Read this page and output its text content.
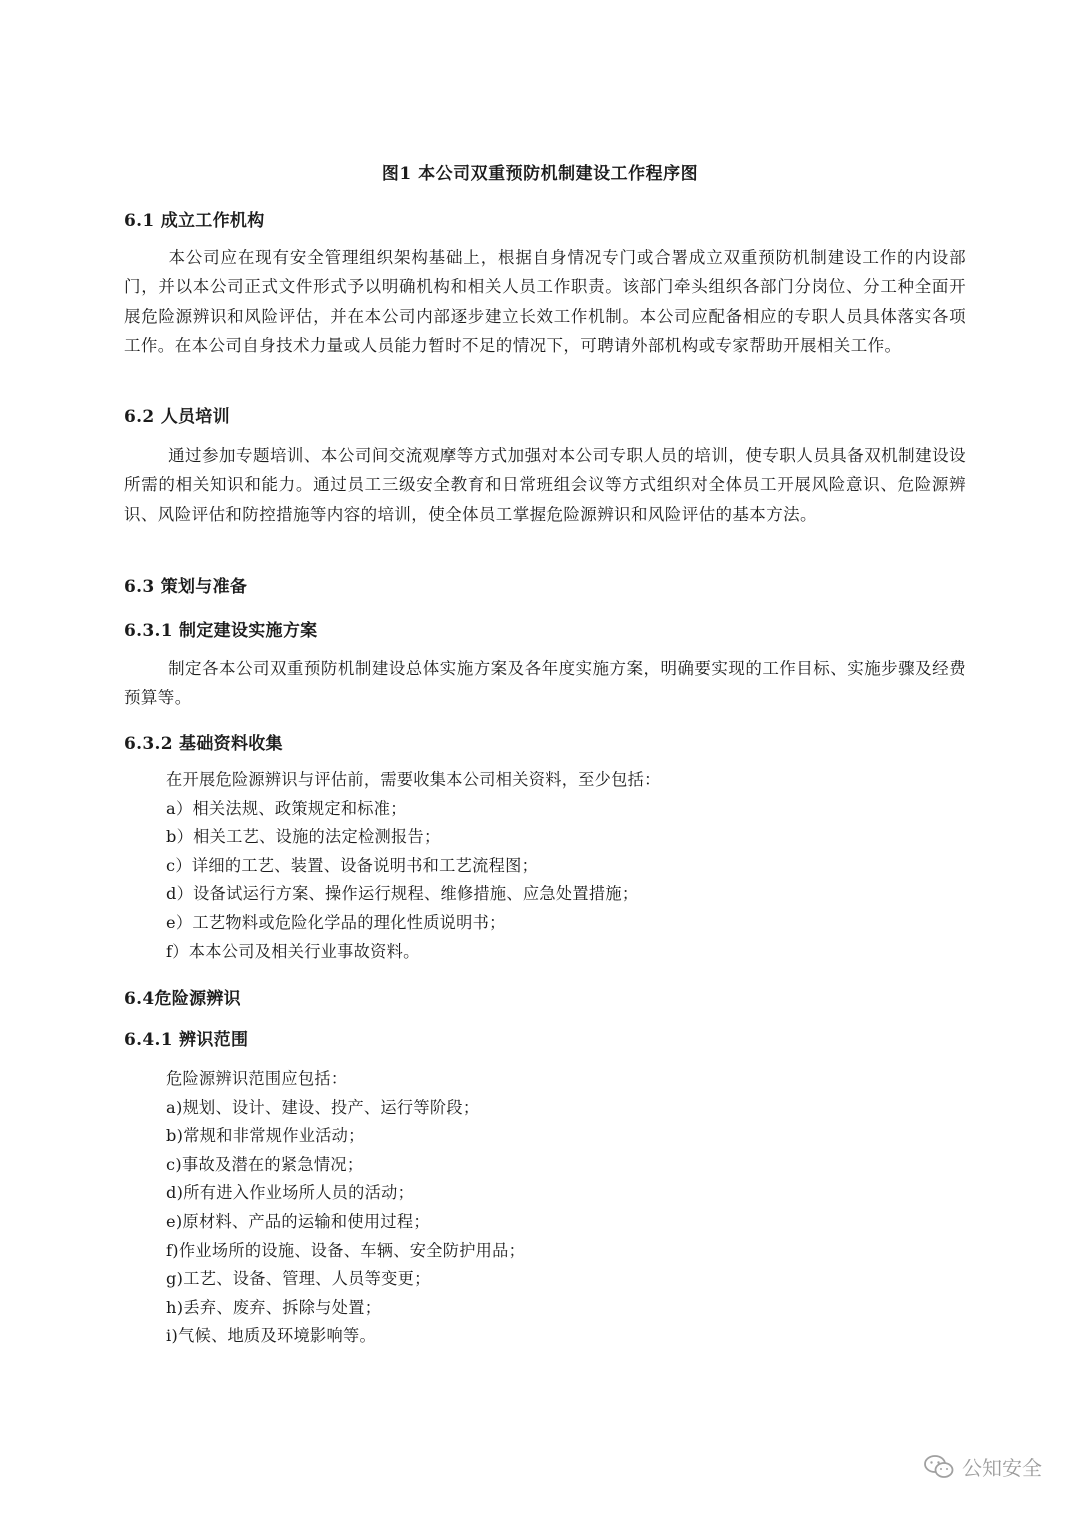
图1 本公司双重预防机制建设工作程序图
6.1 成立工作机构
本公司应在现有安全管理组织架构基础上，根据自身情况专门或合署成立双重预防机制建设工作的内设部门，并以本公司正式文件形式予以明确机构和相关人员工作职责。该部门牵头组织各部门分岗位、分工种全面开展危险源辨识和风险评估，并在本公司内部逐步建立长效工作机制。本公司应配备相应的专职人员具体落实各项工作。在本公司自身技术力量或人员能力暂时不足的情况下，可聘请外部机构或专家帮助开展相关工作。
6.2 人员培训
通过参加专题培训、本公司间交流观摩等方式加强对本公司专职人员的培训，使专职人员具备双机制建设设所需的相关知识和能力。通过员工三级安全教育和日常班组会议等方式组织对全体员工开展风险意识、危险源辨识、风险评估和防控措施等内容的培训，使全体员工掌握危险源辨识和风险评估的基本方法。
6.3 策划与准备
6.3.1 制定建设实施方案
制定各本公司双重预防机制建设总体实施方案及各年度实施方案，明确要实现的工作目标、实施步骤及经费预算等。
6.3.2 基础资料收集
在开展危险源辨识与评估前，需要收集本公司相关资料，至少包括：
a）相关法规、政策规定和标准；
b）相关工艺、设施的法定检测报告；
c）详细的工艺、装置、设备说明书和工艺流程图；
d）设备试运行方案、操作运行规程、维修措施、应急处置措施；
e）工艺物料或危险化学品的理化性质说明书；
f）本本公司及相关行业事故资料。
6.4危险源辨识
6.4.1 辨识范围
危险源辨识范围应包括：
a)规划、设计、建设、投产、运行等阶段；
b)常规和非常规作业活动；
c)事故及潜在的紧急情况；
d)所有进入作业场所人员的活动；
e)原材料、产品的运输和使用过程；
f)作业场所的设施、设备、车辆、安全防护用品；
g)工艺、设备、管理、人员等变更；
h)丢弃、废弃、拆除与处置；
i)气候、地质及环境影响等。
公知安全
